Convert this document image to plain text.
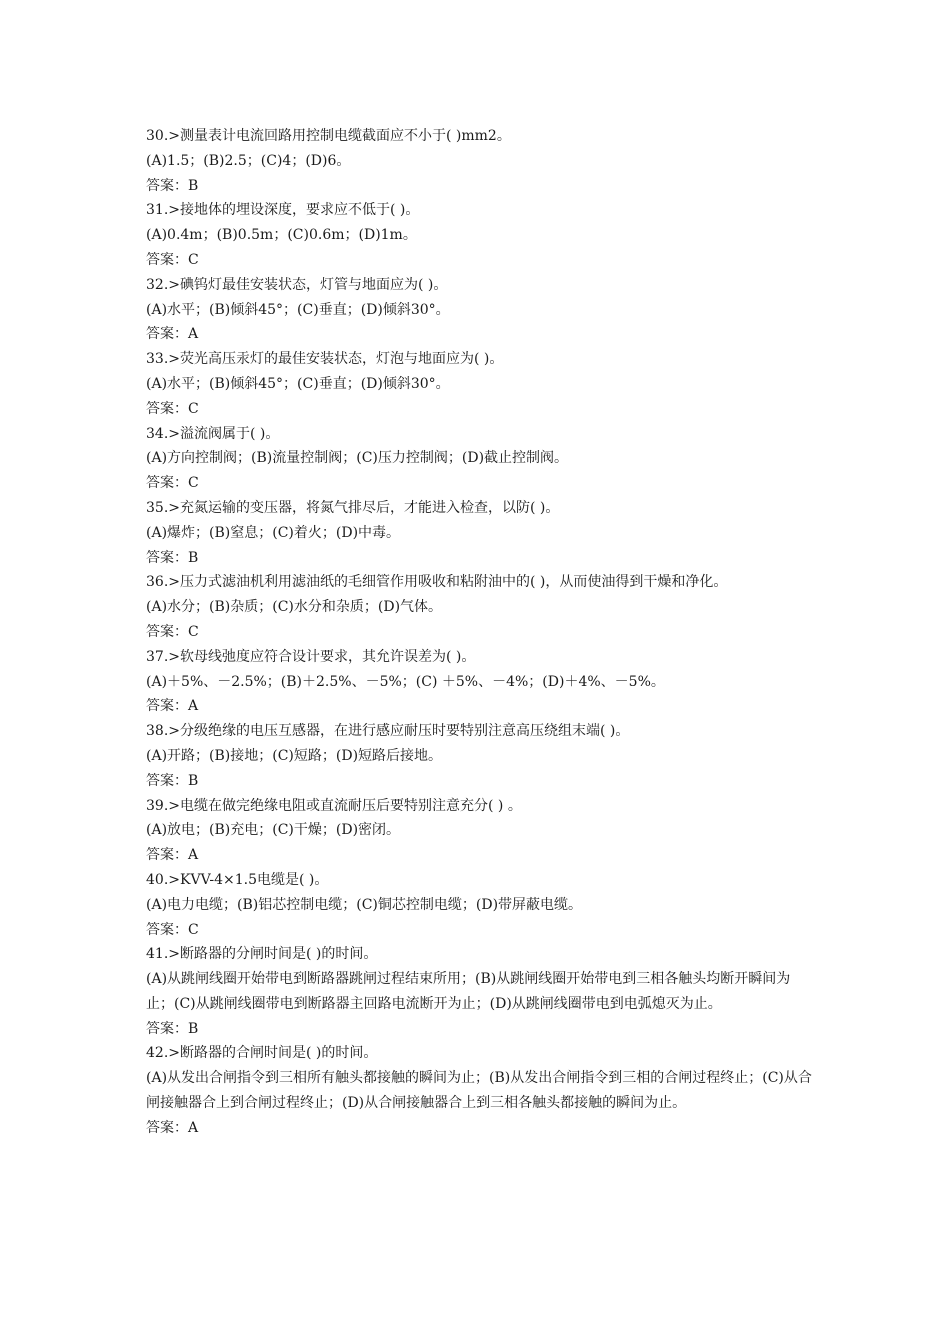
30.>测量表计电流回路用控制电缆截面应不小于( )mm2。

(A)1.5；(B)2.5；(C)4；(D)6。

答案：B

31.>接地体的埋设深度，要求应不低于( )。

(A)0.4m；(B)0.5m；(C)0.6m；(D)1m。

答案：C

32.>碘钨灯最佳安装状态，灯管与地面应为( )。

(A)水平；(B)倾斜45°；(C)垂直；(D)倾斜30°。

答案：A

33.>荧光高压汞灯的最佳安装状态，灯泡与地面应为( )。

(A)水平；(B)倾斜45°；(C)垂直；(D)倾斜30°。

答案：C

34.>溢流阀属于( )。

(A)方向控制阀；(B)流量控制阀；(C)压力控制阀；(D)截止控制阀。

答案：C

35.>充氮运输的变压器，将氮气排尽后，才能进入检查，以防( )。

(A)爆炸；(B)窒息；(C)着火；(D)中毒。

答案：B

36.>压力式滤油机利用滤油纸的毛细管作用吸收和粘附油中的( )，从而使油得到干燥和净化。

(A)水分；(B)杂质；(C)水分和杂质；(D)气体。

答案：C

37.>软母线弛度应符合设计要求，其允许误差为( )。

(A)＋5%、－2.5%；(B)＋2.5%、－5%；(C) ＋5%、－4%；(D)＋4%、－5%。

答案：A

38.>分级绝缘的电压互感器，在进行感应耐压时要特别注意高压绕组末端( )。

(A)开路；(B)接地；(C)短路；(D)短路后接地。

答案：B

39.>电缆在做完绝缘电阻或直流耐压后要特别注意充分( ) 。

(A)放电；(B)充电；(C)干燥；(D)密闭。

答案：A

40.>KVV-4×1.5电缆是( )。

(A)电力电缆；(B)铝芯控制电缆；(C)铜芯控制电缆；(D)带屏蔽电缆。

答案：C

41.>断路器的分闸时间是( )的时间。

(A)从跳闸线圈开始带电到断路器跳闸过程结束所用；(B)从跳闸线圈开始带电到三相各触头均断开瞬间为止；(C)从跳闸线圈带电到断路器主回路电流断开为止；(D)从跳闸线圈带电到电弧熄灭为止。

答案：B

42.>断路器的合闸时间是( )的时间。

(A)从发出合闸指令到三相所有触头都接触的瞬间为止；(B)从发出合闸指令到三相的合闸过程终止；(C)从合闸接触器合上到合闸过程终止；(D)从合闸接触器合上到三相各触头都接触的瞬间为止。

答案：A
